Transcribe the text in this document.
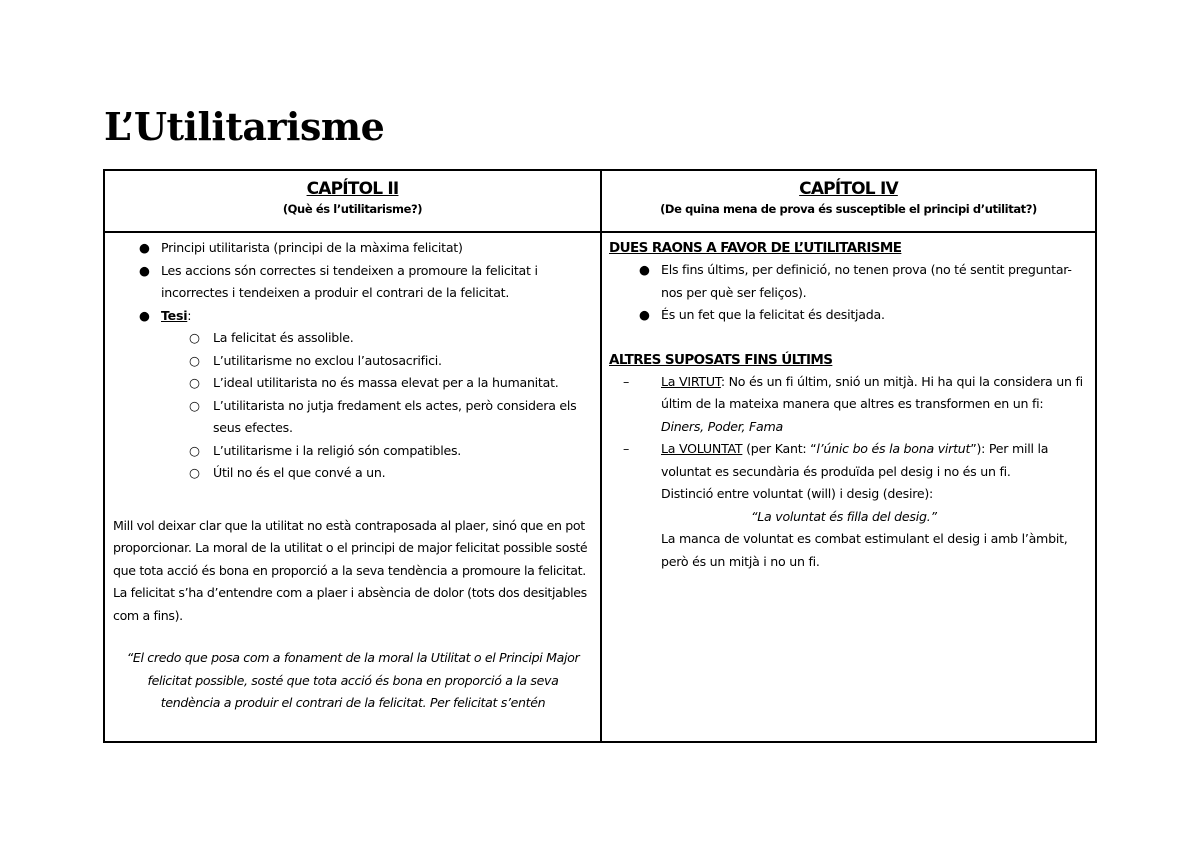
L’Utilitarisme
CAPÍTOL II
(Què és l’utilitarisme?)
CAPÍTOL IV
(De quina mena de prova és susceptible el principi d’utilitat?)
● Principi utilitarista (principi de la màxima felicitat)
● Les accions són correctes si tendeixen a promoure la felicitat i incorrectes i tendeixen a produir el contrari de la felicitat.
● Tesi:
○ La felicitat és assolible.
○ L’utilitarisme no exclou l’autosacrifici.
○ L’ideal utilitarista no és massa elevat per a la humanitat.
○ L’utilitarista no jutja fredament els actes, però considera els seus efectes.
○ L’utilitarisme i la religió són compatibles.
○ Útil no és el que convé a un.
Mill vol deixar clar que la utilitat no està contraposada al plaer, sinó que en pot proporcionar. La moral de la utilitat o el principi de major felicitat possible sosté que tota acció és bona en proporció a la seva tendència a promoure la felicitat. La felicitat s’ha d’entendre com a plaer i absència de dolor (tots dos desitjables com a fins).
“El credo que posa com a fonament de la moral la Utilitat o el Principi Major felicitat possible, sosté que tota acció és bona en proporció a la seva tendència a produir el contrari de la felicitat. Per felicitat s’entén
DUES RAONS A FAVOR DE L’UTILITARISME
● Els fins últims, per definició, no tenen prova (no té sentit preguntar-nos per què ser feliços).
● És un fet que la felicitat és desitjada.
ALTRES SUPOSATS FINS ÚLTIMS
–	La VIRTUT: No és un fi últim, snió un mitjà. Hi ha qui la considera un fi últim de la mateixa manera que altres es transformen en un fi:
Diners, Poder, Fama
–	La VOLUNTAT (per Kant: “l’únic bo és la bona virtut”): Per mill la voluntat es secundària és produïda pel desig i no és un fi.
Distinció entre voluntat (will) i desig (desire):
“La voluntat és filla del desig.”
La manca de voluntat es combat estimulant el desig i amb l’àmbit, però és un mitjà i no un fi.
